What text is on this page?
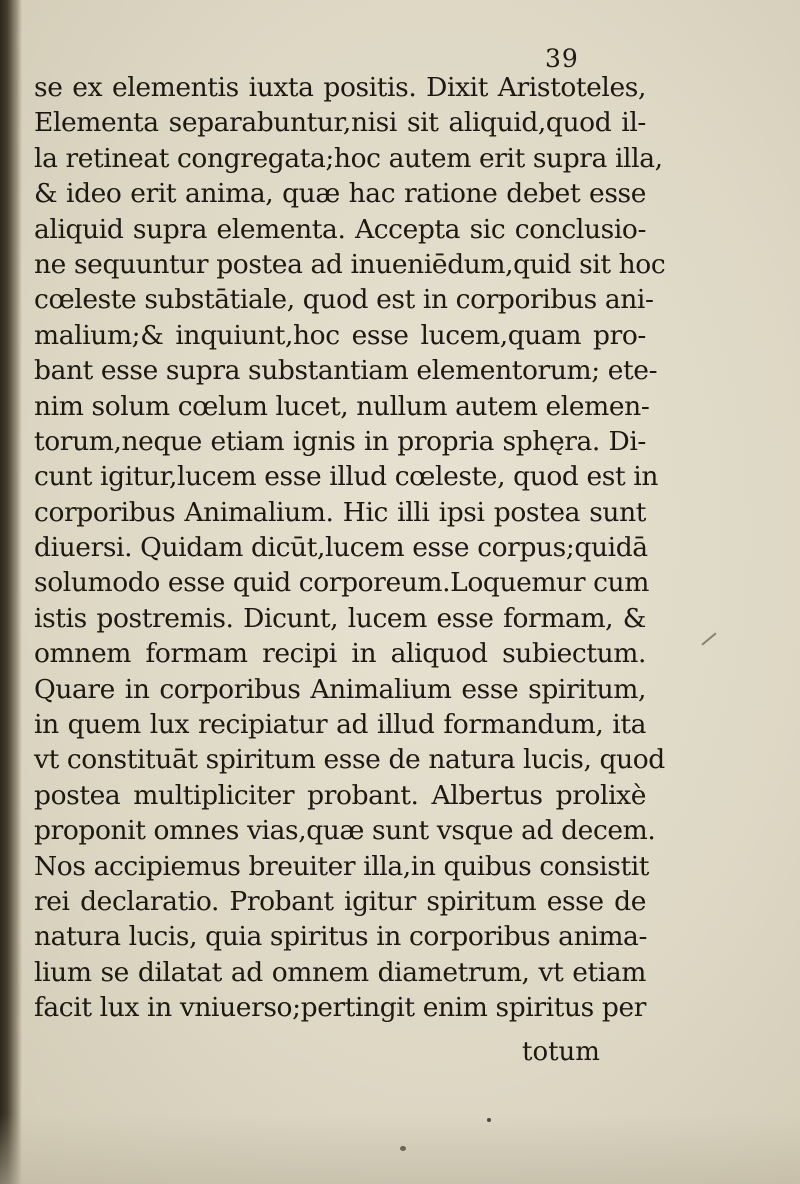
39
se ex elementis iuxta positis. Dixit Aristoteles,
Elementa separabuntur,nisi sit aliquid,quod il-
la retineat congregata;hoc autem erit supra illa,
& ideo erit anima, quæ hac ratione debet esse
aliquid supra elementa. Accepta sic conclusio-
ne sequuntur postea ad inueniēdum,quid sit hoc
cœleste substātiale, quod est in corporibus ani-
malium;& inquiunt,hoc esse lucem,quam pro-
bant esse supra substantiam elementorum; ete-
nim solum cœlum lucet, nullum autem elemen-
torum,neque etiam ignis in propria sphęra. Di-
cunt igitur,lucem esse illud cœleste, quod est in
corporibus Animalium. Hic illi ipsi postea sunt
diuersi. Quidam dicūt,lucem esse corpus;quidā
solumodo esse quid corporeum.Loquemur cum
istis postremis. Dicunt, lucem esse formam, &
omnem formam recipi in aliquod subiectum.
Quare in corporibus Animalium esse spiritum,
in quem lux recipiatur ad illud formandum, ita
vt constituāt spiritum esse de natura lucis, quod
postea multipliciter probant. Albertus prolixè
proponit omnes vias,quæ sunt vsque ad decem.
Nos accipiemus breuiter illa,in quibus consistit
rei declaratio. Probant igitur spiritum esse de
natura lucis, quia spiritus in corporibus anima-
lium se dilatat ad omnem diametrum, vt etiam
facit lux in vniuerso;pertingit enim spiritus per
totum
